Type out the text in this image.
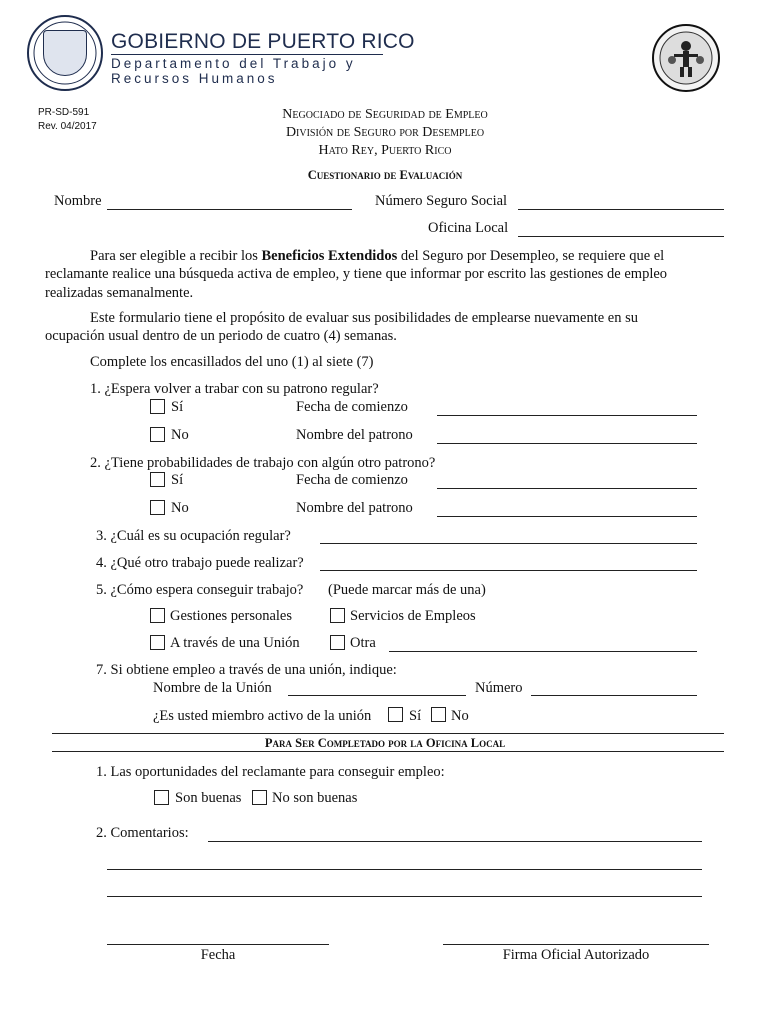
GOBIERNO DE PUERTO RICO
Departamento del Trabajo y
Recursos Humanos
PR-SD-591
Rev. 04/2017
Negociado de Seguridad de Empleo
División de Seguro por Desempleo
Hato Rey, Puerto Rico
Cuestionario de Evaluación
Nombre	Número Seguro Social
Oficina Local
Para ser elegible a recibir los Beneficios Extendidos del Seguro por Desempleo, se requiere que el
reclamante realice una búsqueda activa de empleo, y tiene que informar por escrito las gestiones de empleo
realizadas semanalmente.
Este formulario tiene el propósito de evaluar sus posibilidades de emplearse nuevamente en su
ocupación usual dentro de un periodo de cuatro (4) semanas.
Complete los encasillados del uno (1) al siete (7)
1. ¿Espera volver a trabar con su patrono regular?
Sí	Fecha de comienzo
No	Nombre del patrono
2. ¿Tiene probabilidades de trabajo con algún otro patrono?
Sí	Fecha de comienzo
No	Nombre del patrono
3. ¿Cuál es su ocupación regular?
4. ¿Qué otro trabajo puede realizar?
5. ¿Cómo espera conseguir trabajo? (Puede marcar más de una)
Gestiones personales	Servicios de Empleos
A través de una Unión	Otra
7. Si obtiene empleo a través de una unión, indique:
Nombre de la Unión	Número
¿Es usted miembro activo de la unión	Sí No
Para Ser Completado por la Oficina Local
1. Las oportunidades del reclamante para conseguir empleo:
Son buenas No son buenas
2. Comentarios:
Fecha	Firma Oficial Autorizado
